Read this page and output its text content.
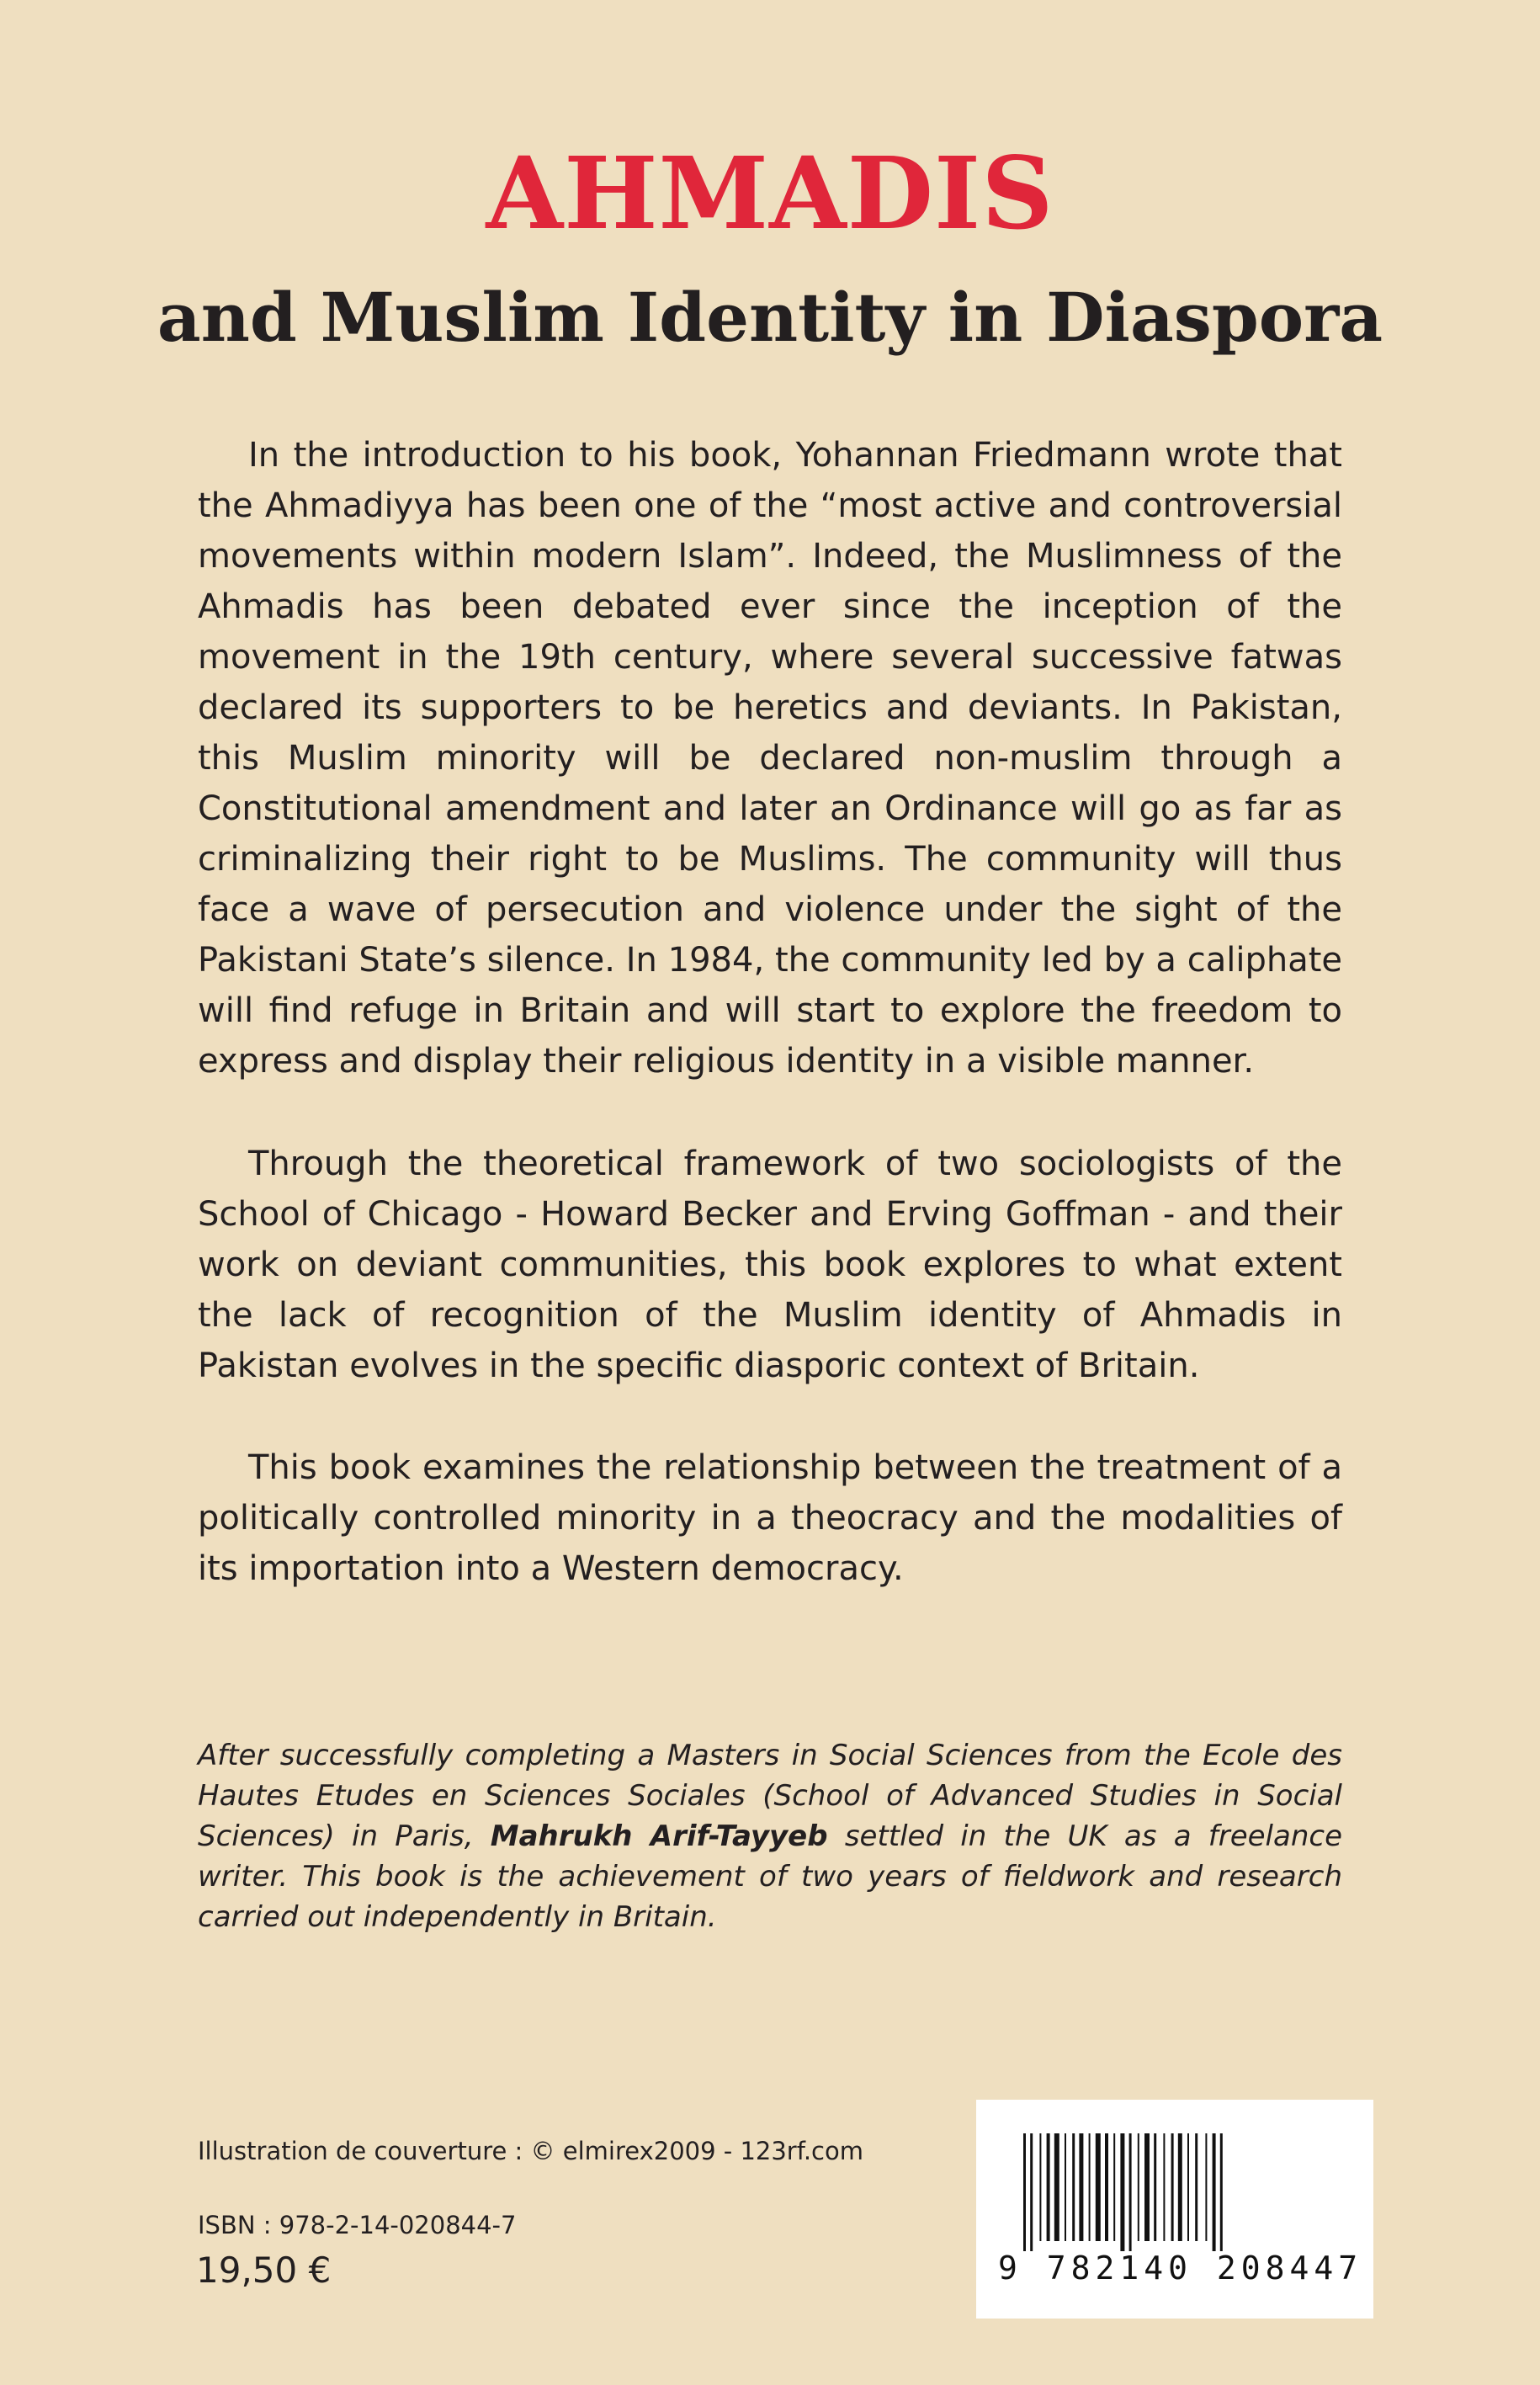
AHMADIS
and Muslim Identity in Diaspora

In the introduction to his book, Yohannan Friedmann wrote that the Ahmadiyya has been one of the “most active and controversial movements within modern Islam”. Indeed, the Muslimness of the Ahmadis has been debated ever since the inception of the movement in the 19th century, where several successive fatwas declared its supporters to be heretics and deviants. In Pakistan, this Muslim minority will be declared non-muslim through a Constitutional amendment and later an Ordinance will go as far as criminalizing their right to be Muslims. The community will thus face a wave of persecution and violence under the sight of the Pakistani State’s silence. In 1984, the community led by a caliphate will find refuge in Britain and will start to explore the freedom to express and display their religious identity in a visible manner.

Through the theoretical framework of two sociologists of the School of Chicago - Howard Becker and Erving Goffman - and their work on deviant communities, this book explores to what extent the lack of recognition of the Muslim identity of Ahmadis in Pakistan evolves in the specific diasporic context of Britain.

This book examines the relationship between the treatment of a politically controlled minority in a theocracy and the modalities of its importation into a Western democracy.

After successfully completing a Masters in Social Sciences from the Ecole des Hautes Etudes en Sciences Sociales (School of Advanced Studies in Social Sciences) in Paris, Mahrukh Arif-Tayyeb settled in the UK as a freelance writer. This book is the achievement of two years of fieldwork and research carried out independently in Britain.

Illustration de couverture : © elmirex2009 - 123rf.com
ISBN : 978-2-14-020844-7
19,50 €	9 782140 208447
